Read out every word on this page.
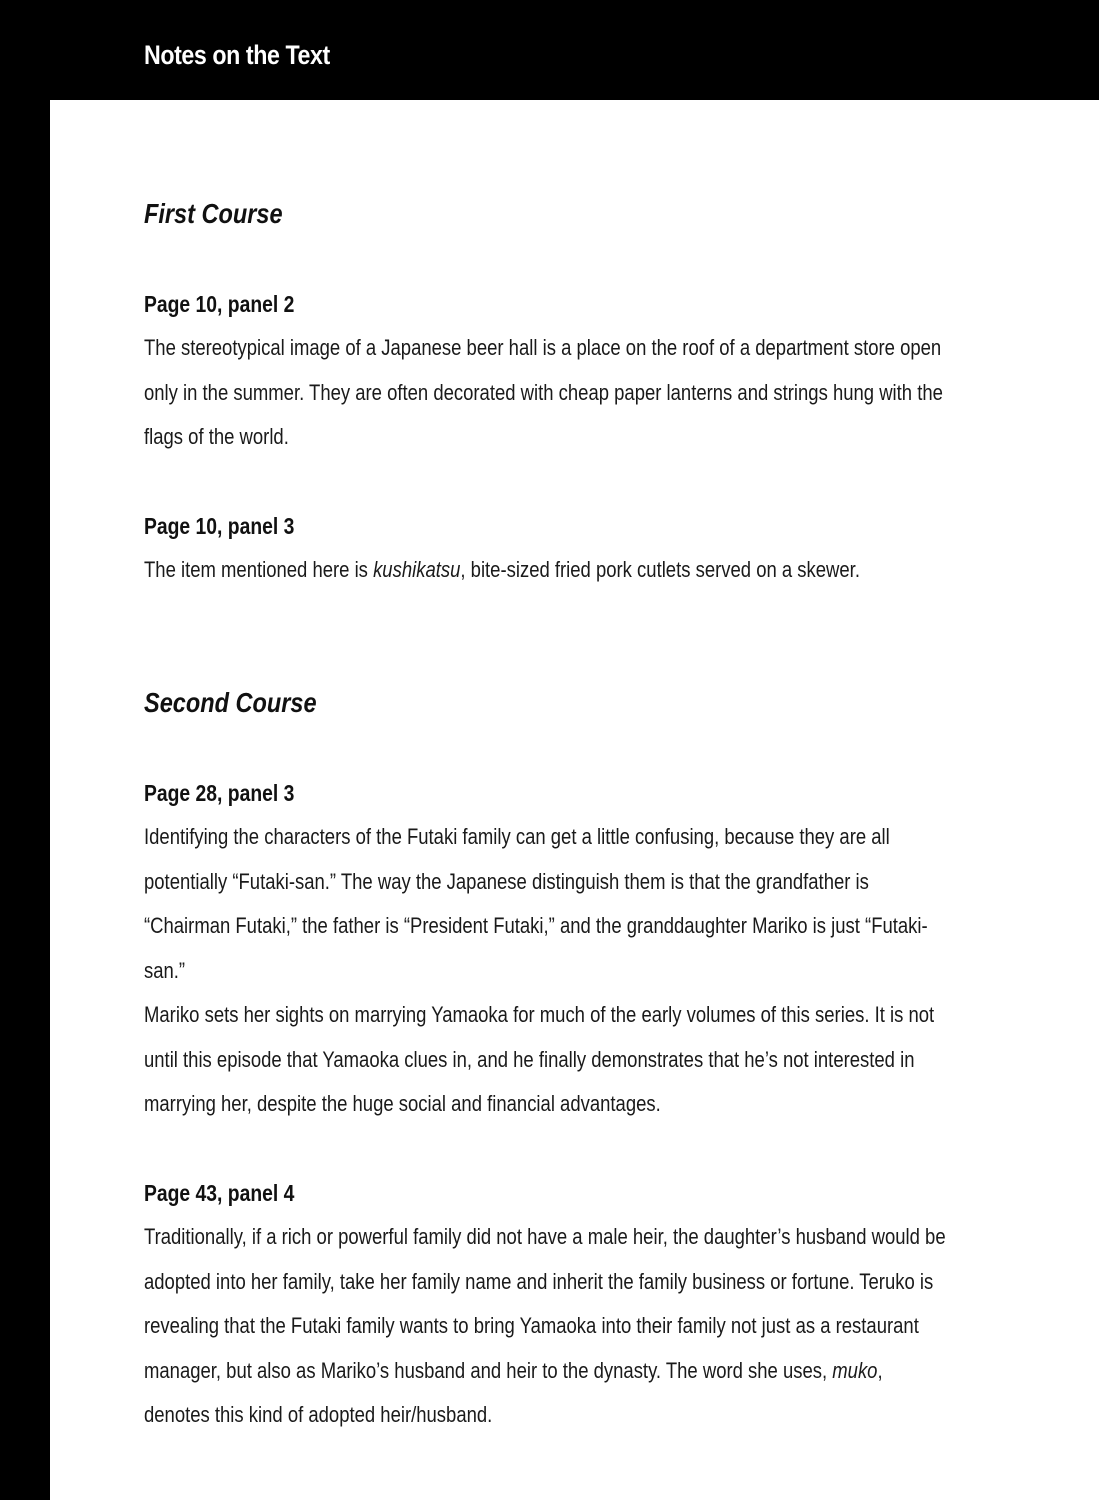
Notes on the Text
First Course
Page 10, panel 2

The stereotypical image of a Japanese beer hall is a place on the roof of a department store open only in the summer. They are often decorated with cheap paper lanterns and strings hung with the flags of the world.

Page 10, panel 3

The item mentioned here is kushikatsu, bite-sized fried pork cutlets served on a skewer.

Second Course
Page 28, panel 3

Identifying the characters of the Futaki family can get a little confusing, because they are all potentially “Futaki-san.” The way the Japanese distinguish them is that the grandfather is “Chairman Futaki,” the father is “President Futaki,” and the granddaughter Mariko is just “Futaki-san.”

Mariko sets her sights on marrying Yamaoka for much of the early volumes of this series. It is not until this episode that Yamaoka clues in, and he finally demonstrates that he’s not interested in marrying her, despite the huge social and financial advantages.

Page 43, panel 4

Traditionally, if a rich or powerful family did not have a male heir, the daughter’s husband would be adopted into her family, take her family name and inherit the family business or fortune. Teruko is revealing that the Futaki family wants to bring Yamaoka into their family not just as a restaurant manager, but also as Mariko’s husband and heir to the dynasty. The word she uses, muko, denotes this kind of adopted heir/husband.
